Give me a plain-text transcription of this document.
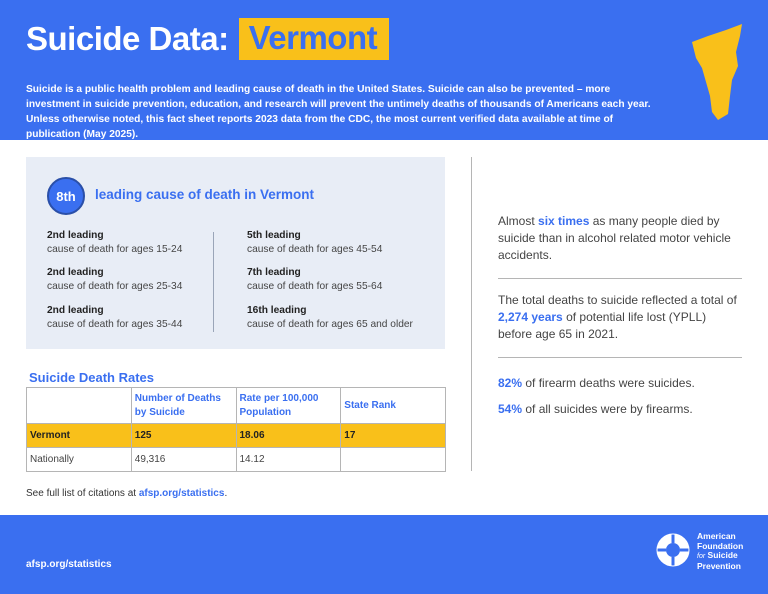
Suicide Data: Vermont
Suicide is a public health problem and leading cause of death in the United States. Suicide can also be prevented – more investment in suicide prevention, education, and research will prevent the untimely deaths of thousands of Americans each year. Unless otherwise noted, this fact sheet reports 2023 data from the CDC, the most current verified data available at time of publication (May 2025).
8th leading cause of death in Vermont
2nd leading
cause of death for ages 15-24
2nd leading
cause of death for ages 25-34
2nd leading
cause of death for ages 35-44
5th leading
cause of death for ages 45-54
7th leading
cause of death for ages 55-64
16th leading
cause of death for ages 65 and older
Suicide Death Rates
	Number of Deaths by Suicide	Rate per 100,000 Population	State Rank
Vermont	125	18.06	17
Nationally	49,316	14.12	
See full list of citations at afsp.org/statistics.
Almost six times as many people died by suicide than in alcohol related motor vehicle accidents.
The total deaths to suicide reflected a total of 2,274 years of potential life lost (YPLL) before age 65 in 2021.
82% of firearm deaths were suicides.
54% of all suicides were by firearms.
afsp.org/statistics
American
Foundation
for Suicide
Prevention
